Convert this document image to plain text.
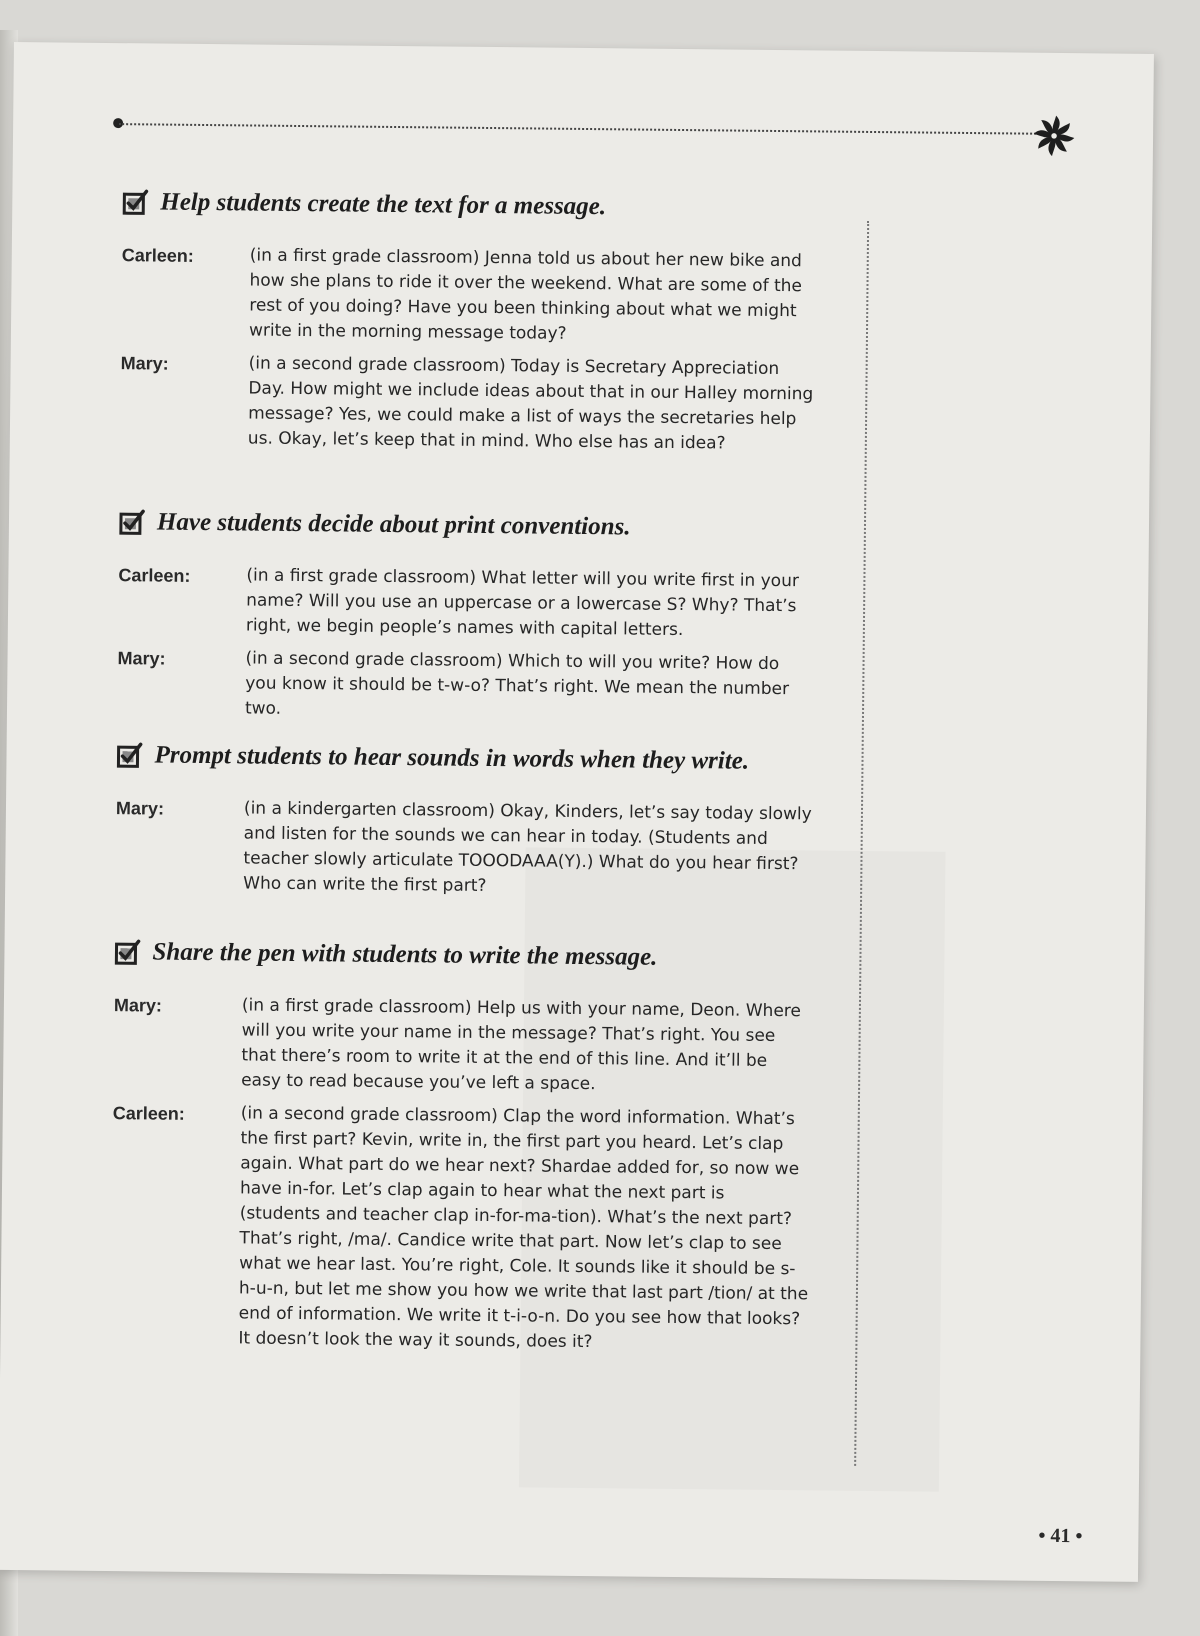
Help students create the text for a message.
Carleen:	(in a first grade classroom) Jenna told us about her new bike and how she plans to ride it over the weekend. What are some of the rest of you doing? Have you been thinking about what we might write in the morning message today?
Mary:	(in a second grade classroom) Today is Secretary Appreciation Day. How might we include ideas about that in our Halley morning message? Yes, we could make a list of ways the secretaries help us. Okay, let’s keep that in mind. Who else has an idea?
Have students decide about print conventions.
Carleen:	(in a first grade classroom) What letter will you write first in your name? Will you use an uppercase or a lowercase S? Why? That’s right, we begin people’s names with capital letters.
Mary:	(in a second grade classroom) Which to will you write? How do you know it should be t-w-o? That’s right. We mean the number two.
Prompt students to hear sounds in words when they write.
Mary:	(in a kindergarten classroom) Okay, Kinders, let’s say today slowly and listen for the sounds we can hear in today. (Students and teacher slowly articulate TOOODAAA(Y).) What do you hear first? Who can write the first part?
Share the pen with students to write the message.
Mary:	(in a first grade classroom) Help us with your name, Deon. Where will you write your name in the message? That’s right. You see that there’s room to write it at the end of this line. And it’ll be easy to read because you’ve left a space.
Carleen:	(in a second grade classroom) Clap the word information. What’s the first part? Kevin, write in, the first part you heard. Let’s clap again. What part do we hear next? Shardae added for, so now we have in-for. Let’s clap again to hear what the next part is (students and teacher clap in-for-ma-tion). What’s the next part? That’s right, /ma/. Candice write that part. Now let’s clap to see what we hear last. You’re right, Cole. It sounds like it should be s-h-u-n, but let me show you how we write that last part /tion/ at the end of information. We write it t-i-o-n. Do you see how that looks? It doesn’t look the way it sounds, does it?
• 41 •
